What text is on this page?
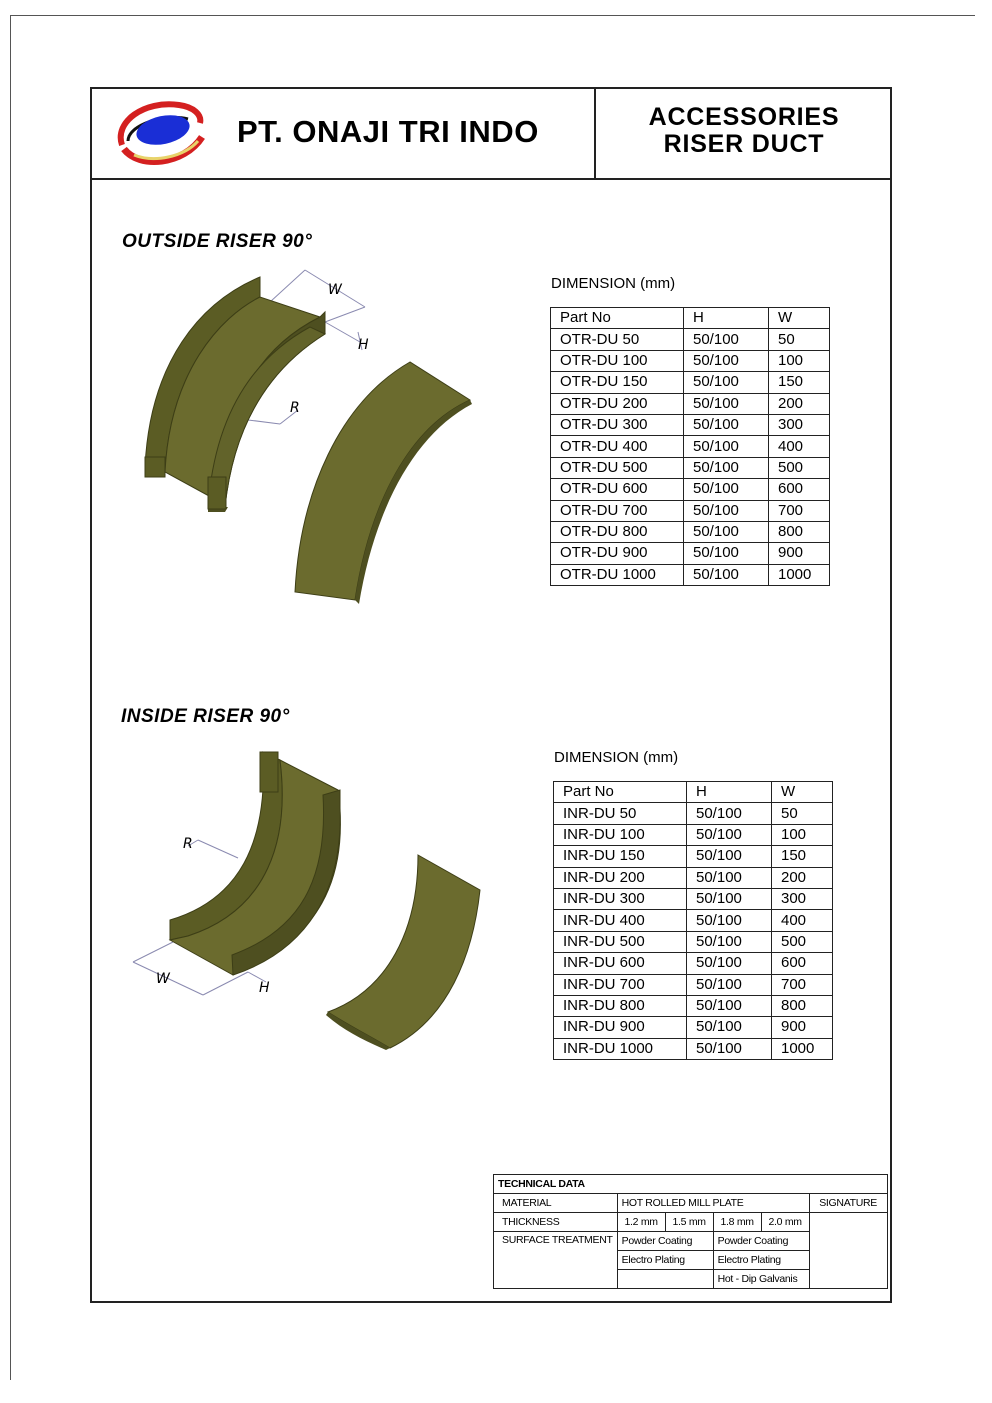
PT. ONAJI TRI INDO	ACCESSORIES
RISER DUCT
OUTSIDE RISER 90°
W
H
R
DIMENSION (mm)
Part No	H	W
OTR-DU 50	50/100	50
OTR-DU 100	50/100	100
OTR-DU 150	50/100	150
OTR-DU 200	50/100	200
OTR-DU 300	50/100	300
OTR-DU 400	50/100	400
OTR-DU 500	50/100	500
OTR-DU 600	50/100	600
OTR-DU 700	50/100	700
OTR-DU 800	50/100	800
OTR-DU 900	50/100	900
OTR-DU 1000	50/100	1000
INSIDE RISER 90°
R
W
H
DIMENSION (mm)
Part No	H	W
INR-DU 50	50/100	50
INR-DU 100	50/100	100
INR-DU 150	50/100	150
INR-DU 200	50/100	200
INR-DU 300	50/100	300
INR-DU 400	50/100	400
INR-DU 500	50/100	500
INR-DU 600	50/100	600
INR-DU 700	50/100	700
INR-DU 800	50/100	800
INR-DU 900	50/100	900
INR-DU 1000	50/100	1000
TECHNICAL DATA					
MATERIAL	HOT ROLLED MILL PLATE				SIGNATURE
THICKNESS	1.2 mm	1.5 mm	1.8 mm	2.0 mm	
SURFACE TREATMENT	Powder Coating		Powder Coating		
	Electro Plating		Electro Plating		
			Hot - Dip Galvanis		
